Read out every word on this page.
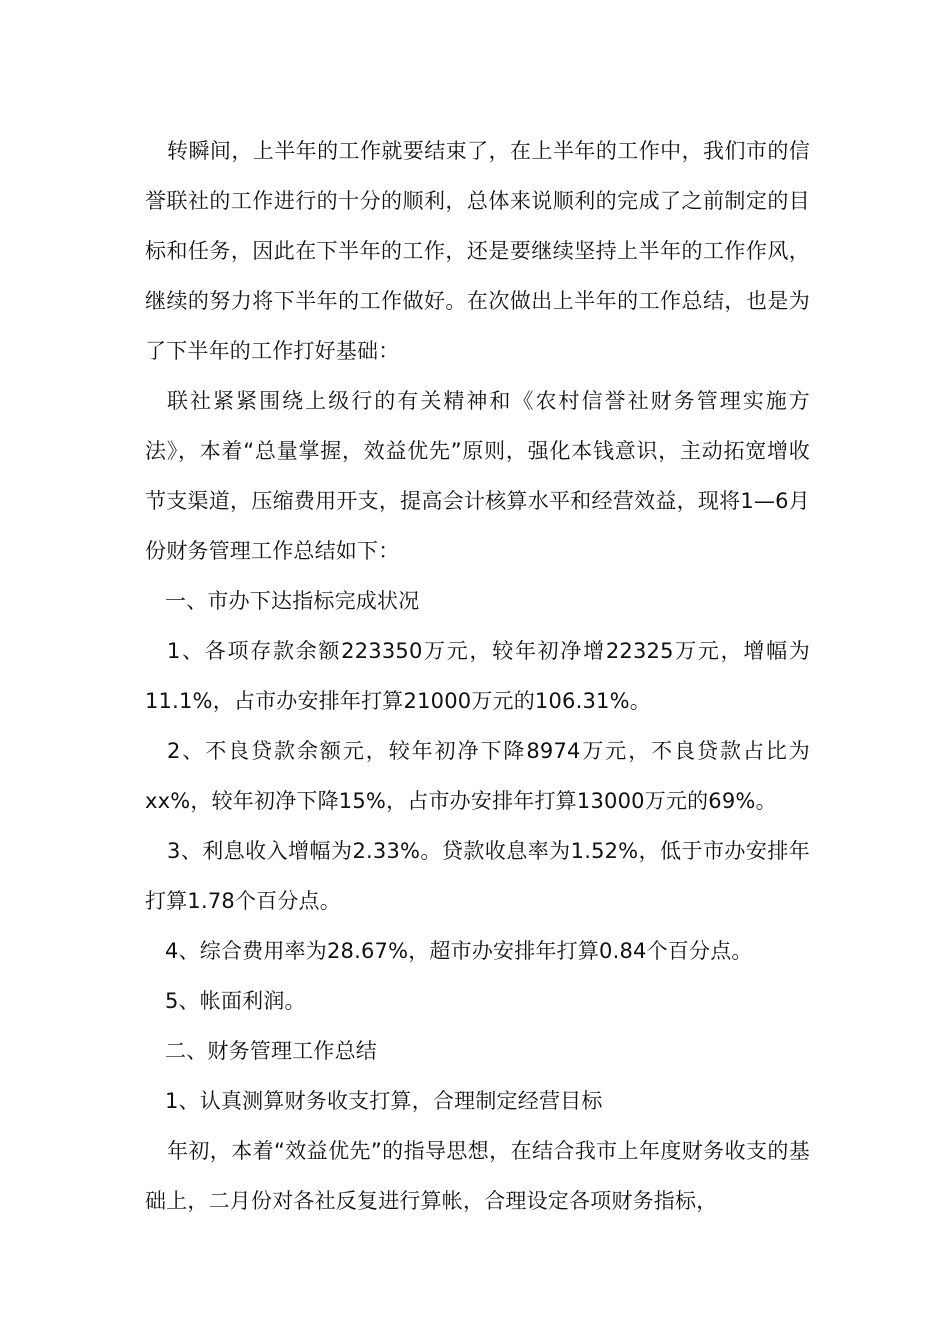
转瞬间，上半年的工作就要结束了，在上半年的工作中，我们市的信誉联社的工作进行的十分的顺利，总体来说顺利的完成了之前制定的目标和任务，因此在下半年的工作，还是要继续坚持上半年的工作作风，继续的努力将下半年的工作做好。在次做出上半年的工作总结，也是为了下半年的工作打好基础：

联社紧紧围绕上级行的有关精神和《农村信誉社财务管理实施方法》，本着“总量掌握，效益优先”原则，强化本钱意识，主动拓宽增收节支渠道，压缩费用开支，提高会计核算水平和经营效益，现将1—6月份财务管理工作总结如下：

一、市办下达指标完成状况

1、各项存款余额223350万元，较年初净增22325万元，增幅为11.1%，占市办安排年打算21000万元的106.31%。

2、不良贷款余额元，较年初净下降8974万元，不良贷款占比为xx%，较年初净下降15%，占市办安排年打算13000万元的69%。

3、利息收入增幅为2.33%。贷款收息率为1.52%，低于市办安排年打算1.78个百分点。

4、综合费用率为28.67%，超市办安排年打算0.84个百分点。

5、帐面利润。

二、财务管理工作总结

1、认真测算财务收支打算，合理制定经营目标

年初，本着“效益优先”的指导思想，在结合我市上年度财务收支的基础上，二月份对各社反复进行算帐，合理设定各项财务指标，
